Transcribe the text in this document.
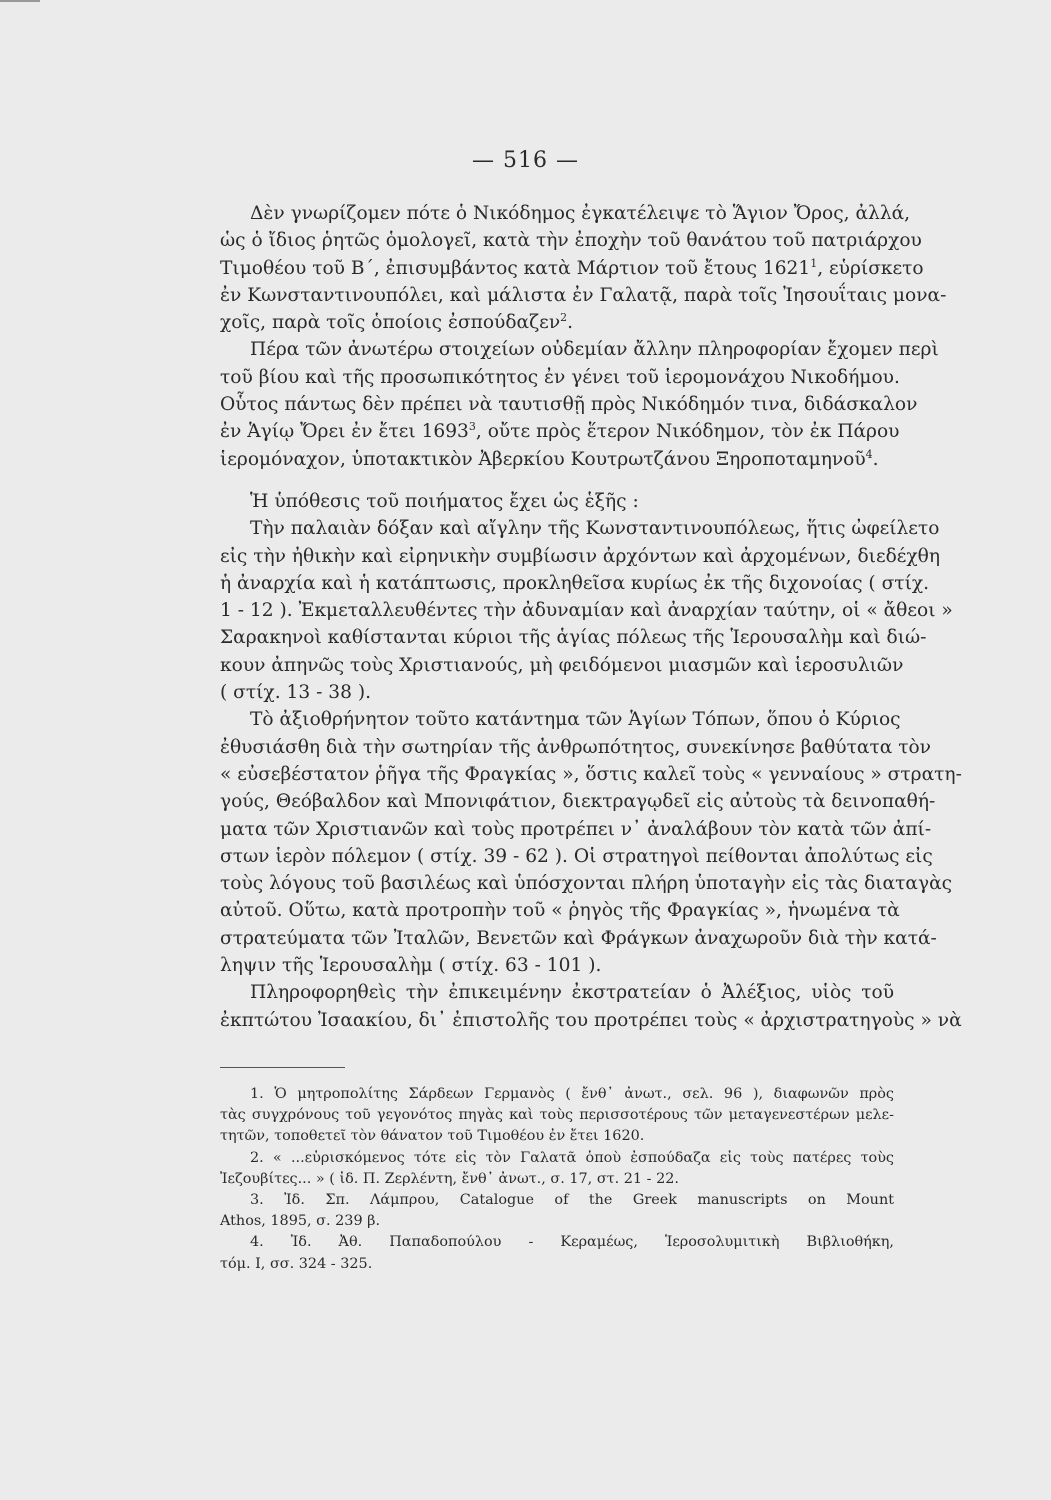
— 516 —
Δὲν γνωρίζομεν πότε ὁ Νικόδημος ἐγκατέλειψε τὸ Ἅγιον Ὄρος, ἀλλά,
ὡς ὁ ἴδιος ῥητῶς ὁμολογεῖ, κατὰ τὴν ἐποχὴν τοῦ θανάτου τοῦ πατριάρχου
Τιμοθέου τοῦ Β΄, ἐπισυμβάντος κατὰ Μάρτιον τοῦ ἔτους 1621$^1$, εὑρίσκετο
ἐν Κωνσταντινουπόλει, καὶ μάλιστα ἐν Γαλατᾷ, παρὰ τοῖς Ἰησουΐταις μονα-
χοῖς, παρὰ τοῖς ὁποίοις ἐσπούδαζεν$^2$.
Πέρα τῶν ἀνωτέρω στοιχείων οὐδεμίαν ἄλλην πληροφορίαν ἔχομεν περὶ
τοῦ βίου καὶ τῆς προσωπικότητος ἐν γένει τοῦ ἱερομονάχου Νικοδήμου.
Οὗτος πάντως δὲν πρέπει νὰ ταυτισθῇ πρὸς Νικόδημόν τινα, διδάσκαλον
ἐν Ἁγίῳ Ὄρει ἐν ἔτει 1693$^3$, οὔτε πρὸς ἕτερον Νικόδημον, τὸν ἐκ Πάρου
ἱερομόναχον, ὑποτακτικὸν Ἀβερκίου Κουτρωτζάνου Ξηροποταμηνοῦ$^4$.
Ἡ ὑπόθεσις τοῦ ποιήματος ἔχει ὡς ἑξῆς :
Τὴν παλαιὰν δόξαν καὶ αἴγλην τῆς Κωνσταντινουπόλεως, ἥτις ὠφείλετο
εἰς τὴν ἠθικὴν καὶ εἰρηνικὴν συμβίωσιν ἀρχόντων καὶ ἀρχομένων, διεδέχθη
ἡ ἀναρχία καὶ ἡ κατάπτωσις, προκληθεῖσα κυρίως ἐκ τῆς διχονοίας ( στίχ.
1 - 12 ). Ἐκμεταλλευθέντες τὴν ἀδυναμίαν καὶ ἀναρχίαν ταύτην, οἱ « ἄθεοι »
Σαρακηνοὶ καθίστανται κύριοι τῆς ἁγίας πόλεως τῆς Ἱερουσαλὴμ καὶ διώ-
κουν ἀπηνῶς τοὺς Χριστιανούς, μὴ φειδόμενοι μιασμῶν καὶ ἱεροσυλιῶν
( στίχ. 13 - 38 ).
Τὸ ἀξιοθρήνητον τοῦτο κατάντημα τῶν Ἁγίων Τόπων, ὅπου ὁ Κύριος
ἐθυσιάσθη διὰ τὴν σωτηρίαν τῆς ἀνθρωπότητος, συνεκίνησε βαθύτατα τὸν
« εὐσεβέστατον ῥῆγα τῆς Φραγκίας », ὅστις καλεῖ τοὺς « γενναίους » στρατη-
γούς, Θεόβαλδον καὶ Μπονιφάτιον, διεκτραγῳδεῖ εἰς αὐτοὺς τὰ δεινοπαθή-
ματα τῶν Χριστιανῶν καὶ τοὺς προτρέπει ν᾿ ἀναλάβουν τὸν κατὰ τῶν ἀπί-
στων ἱερὸν πόλεμον ( στίχ. 39 - 62 ). Οἱ στρατηγοὶ πείθονται ἀπολύτως εἰς
τοὺς λόγους τοῦ βασιλέως καὶ ὑπόσχονται πλήρη ὑποταγὴν εἰς τὰς διαταγὰς
αὐτοῦ. Οὕτω, κατὰ προτροπὴν τοῦ « ῥηγὸς τῆς Φραγκίας », ἡνωμένα τὰ
στρατεύματα τῶν Ἰταλῶν, Βενετῶν καὶ Φράγκων ἀναχωροῦν διὰ τὴν κατά-
ληψιν τῆς Ἱερουσαλὴμ ( στίχ. 63 - 101 ).
Πληροφορηθεὶς τὴν ἐπικειμένην ἐκστρατείαν ὁ Ἀλέξιος, υἱὸς τοῦ
ἐκπτώτου Ἰσαακίου, δι᾿ ἐπιστολῆς του προτρέπει τοὺς « ἀρχιστρατηγοὺς » νὰ
1. Ὁ μητροπολίτης Σάρδεων Γερμανὸς ( ἔνθ᾿ ἀνωτ., σελ. 96 ), διαφωνῶν πρὸς
τὰς συγχρόνους τοῦ γεγονότος πηγὰς καὶ τοὺς περισσοτέρους τῶν μεταγενεστέρων μελε-
τητῶν, τοποθετεῖ τὸν θάνατον τοῦ Τιμοθέου ἐν ἔτει 1620.
2. « ...εὑρισκόμενος τότε εἰς τὸν Γαλατᾶ ὁποὺ ἐσπούδαζα εἰς τοὺς πατέρες τοὺς
Ἰεζουβίτες... » ( ἰδ. Π. Ζερλέντη, ἔνθ᾿ ἀνωτ., σ. 17, στ. 21 - 22.
3. Ἰδ. Σπ. Λάμπρου, Catalogue of the Greek manuscripts on Mount
Athos, 1895, σ. 239 β.
4. Ἰδ. Ἀθ. Παπαδοπούλου - Κεραμέως, Ἱεροσολυμιτικὴ Βιβλιοθήκη,
τόμ. Ι, σσ. 324 - 325.
